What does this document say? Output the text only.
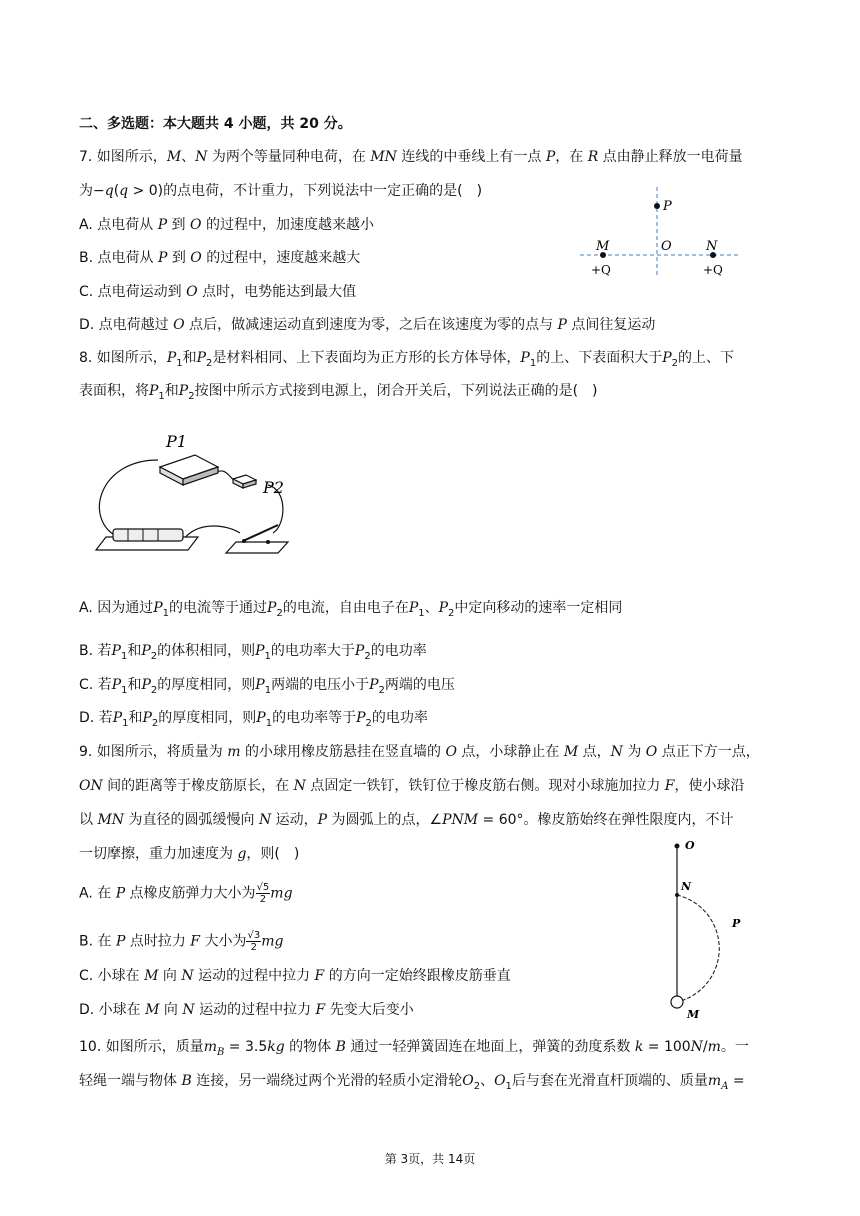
二、多选题：本大题共 4 小题，共 20 分。
7. 如图所示，M、N 为两个等量同种电荷，在 MN 连线的中垂线上有一点 P，在 R 点由静止释放一电荷量
为−q(q > 0)的点电荷，不计重力，下列说法中一定正确的是(　)
A. 点电荷从 P 到 O 的过程中，加速度越来越小
B. 点电荷从 P 到 O 的过程中，速度越来越大
C. 点电荷运动到 O 点时，电势能达到最大值
D. 点电荷越过 O 点后，做减速运动直到速度为零，之后在该速度为零的点与 P 点间往复运动
P
O
M	N
+Q	+Q
8. 如图所示，$P_1$和$P_2$是材料相同、上下表面均为正方形的长方体导体，$P_1$的上、下表面积大于$P_2$的上、下
表面积，将$P_1$和$P_2$按图中所示方式接到电源上，闭合开关后，下列说法正确的是(　)
P1
P2
A. 因为通过$P_1$的电流等于通过$P_2$的电流，自由电子在$P_1$、$P_2$中定向移动的速率一定相同
B. 若$P_1$和$P_2$的体积相同，则$P_1$的电功率大于$P_2$的电功率
C. 若$P_1$和$P_2$的厚度相同，则$P_1$两端的电压小于$P_2$两端的电压
D. 若$P_1$和$P_2$的厚度相同，则$P_1$的电功率等于$P_2$的电功率
9. 如图所示，将质量为 m 的小球用橡皮筋悬挂在竖直墙的 O 点，小球静止在 M 点，N 为 O 点正下方一点，
ON 间的距离等于橡皮筋原长，在 N 点固定一铁钉，铁钉位于橡皮筋右侧。现对小球施加拉力 F，使小球沿
以 MN 为直径的圆弧缓慢向 N 运动，P 为圆弧上的点，∠PNM = 60°。橡皮筋始终在弹性限度内，不计
一切摩擦，重力加速度为 g，则(　)
A. 在 P 点橡皮筋弹力大小为 $\frac{√5}{2}$ mg
B. 在 P 点时拉力 F 大小为 $\frac{√3}{2}$ mg
C. 小球在 M 向 N 运动的过程中拉力 F 的方向一定始终跟橡皮筋垂直
D. 小球在 M 向 N 运动的过程中拉力 F 先变大后变小
O
N
P
M
10. 如图所示，质量$m_B = 3.5kg$ 的物体 B 通过一轻弹簧固连在地面上，弹簧的劲度系数 k = 100N/m。一
轻绳一端与物体 B 连接，另一端绕过两个光滑的轻质小定滑轮$O_2$、$O_1$后与套在光滑直杆顶端的、质量$m_A$ =
第 3页，共 14页
